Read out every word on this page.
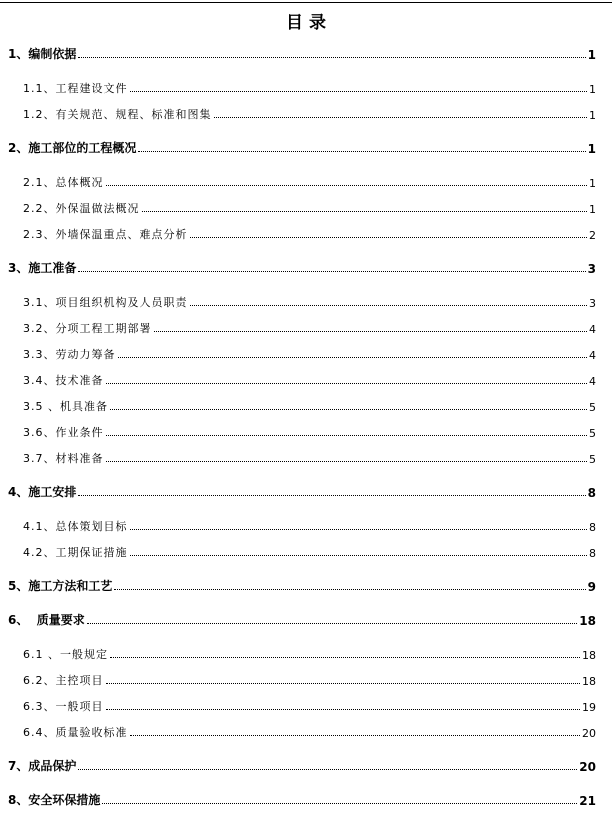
目 录
1、编制依据	1
1.1、工程建设文件	1
1.2、有关规范、规程、标准和图集	1
2、施工部位的工程概况	1
2.1、总体概况	1
2.2、外保温做法概况	1
2.3、外墙保温重点、难点分析	2
3、施工准备	3
3.1、项目组织机构及人员职责	3
3.2、分项工程工期部署	4
3.3、劳动力筹备	4
3.4、技术准备	4
3.5 、机具准备	5
3.6、作业条件	5
3.7、材料准备	5
4、施工安排	8
4.1、总体策划目标	8
4.2、工期保证措施	8
5、施工方法和工艺	9
6、  质量要求	18
6.1 、一般规定	18
6.2、主控项目	18
6.3、一般项目	19
6.4、质量验收标准	20
7、成品保护	20
8、安全环保措施	21
